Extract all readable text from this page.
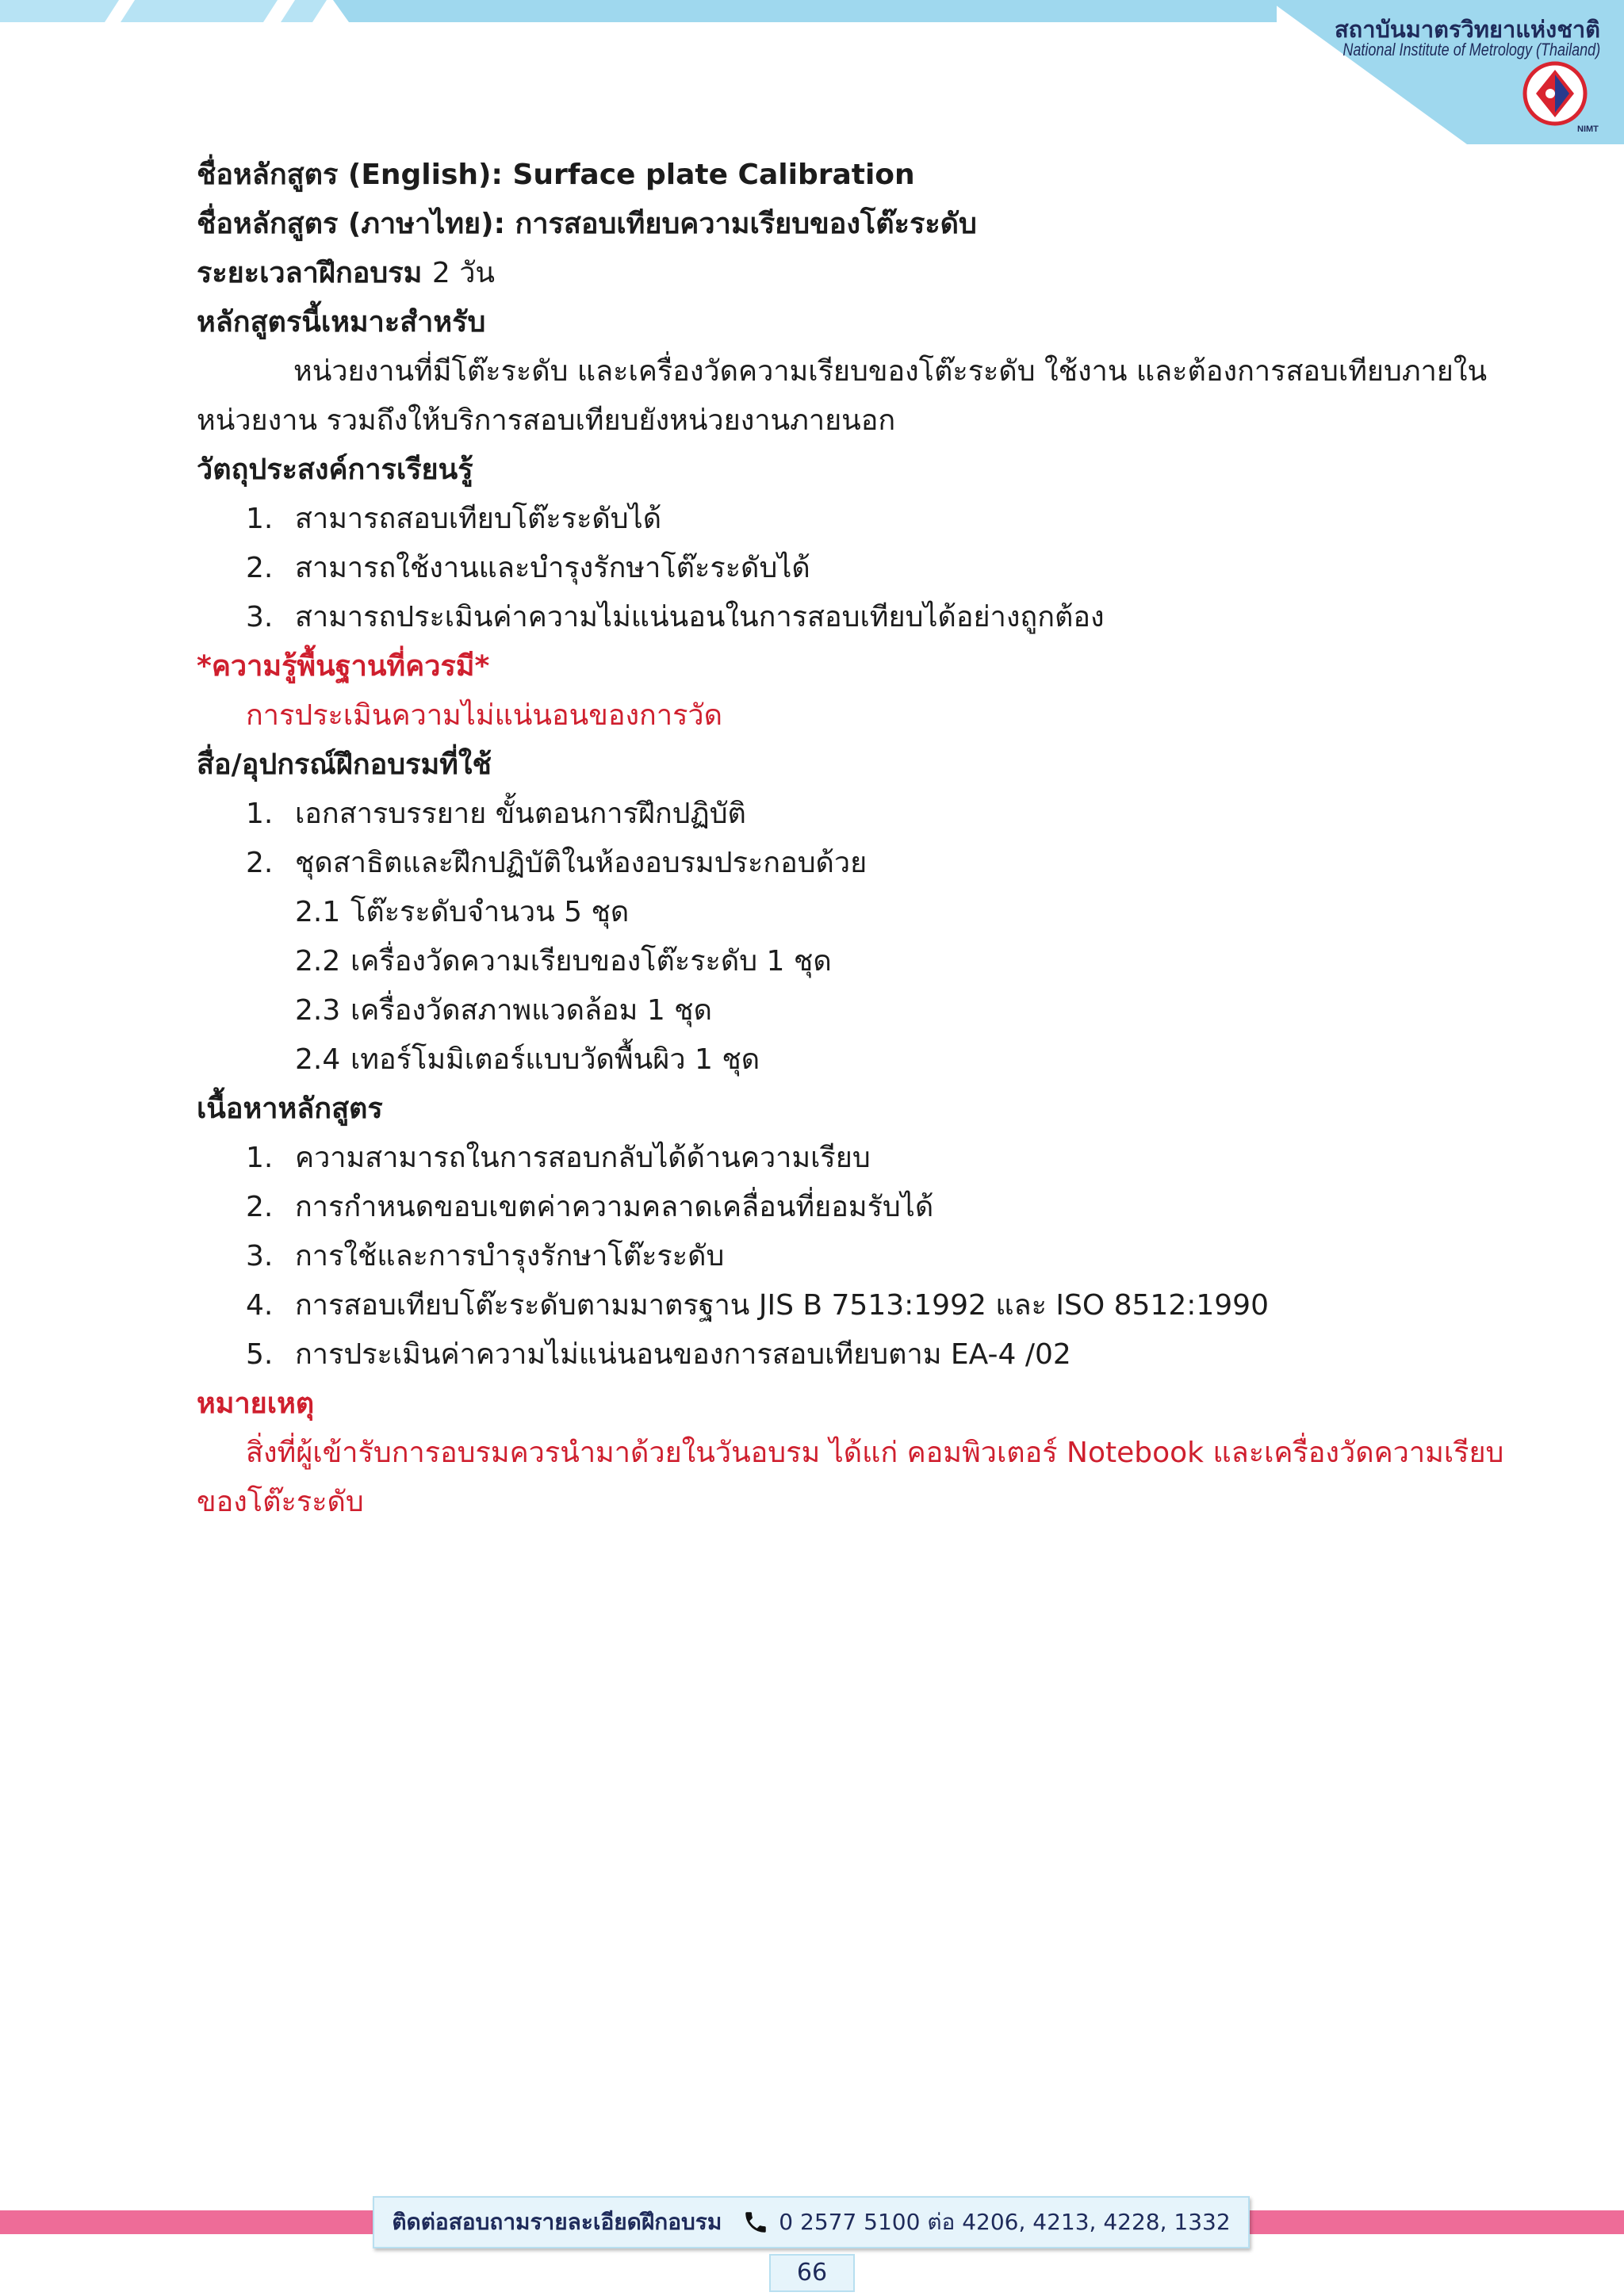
สถาบันมาตรวิทยาแห่งชาติ
National Institute of Metrology (Thailand)
NIMT
ชื่อหลักสูตร (English): Surface plate Calibration
ชื่อหลักสูตร (ภาษาไทย): การสอบเทียบความเรียบของโต๊ะระดับ
ระยะเวลาฝึกอบรม 2 วัน
หลักสูตรนี้เหมาะสำหรับ
หน่วยงานที่มีโต๊ะระดับ และเครื่องวัดความเรียบของโต๊ะระดับ ใช้งาน และต้องการสอบเทียบภายใน
หน่วยงาน รวมถึงให้บริการสอบเทียบยังหน่วยงานภายนอก
วัตถุประสงค์การเรียนรู้
1. สามารถสอบเทียบโต๊ะระดับได้
2. สามารถใช้งานและบำรุงรักษาโต๊ะระดับได้
3. สามารถประเมินค่าความไม่แน่นอนในการสอบเทียบได้อย่างถูกต้อง
*ความรู้พื้นฐานที่ควรมี*
การประเมินความไม่แน่นอนของการวัด
สื่อ/อุปกรณ์ฝึกอบรมที่ใช้
1. เอกสารบรรยาย ขั้นตอนการฝึกปฏิบัติ
2. ชุดสาธิตและฝึกปฏิบัติในห้องอบรมประกอบด้วย
2.1 โต๊ะระดับจำนวน 5 ชุด
2.2 เครื่องวัดความเรียบของโต๊ะระดับ 1 ชุด
2.3 เครื่องวัดสภาพแวดล้อม 1 ชุด
2.4 เทอร์โมมิเตอร์แบบวัดพื้นผิว 1 ชุด
เนื้อหาหลักสูตร
1. ความสามารถในการสอบกลับได้ด้านความเรียบ
2. การกำหนดขอบเขตค่าความคลาดเคลื่อนที่ยอมรับได้
3. การใช้และการบำรุงรักษาโต๊ะระดับ
4. การสอบเทียบโต๊ะระดับตามมาตรฐาน JIS B 7513:1992 และ ISO 8512:1990
5. การประเมินค่าความไม่แน่นอนของการสอบเทียบตาม EA-4 /02
หมายเหตุ
สิ่งที่ผู้เข้ารับการอบรมควรนำมาด้วยในวันอบรม ได้แก่ คอมพิวเตอร์ Notebook และเครื่องวัดความเรียบ
ของโต๊ะระดับ
ติดต่อสอบถามรายละเอียดฝึกอบรม	0 2577 5100 ต่อ 4206, 4213, 4228, 1332
66
